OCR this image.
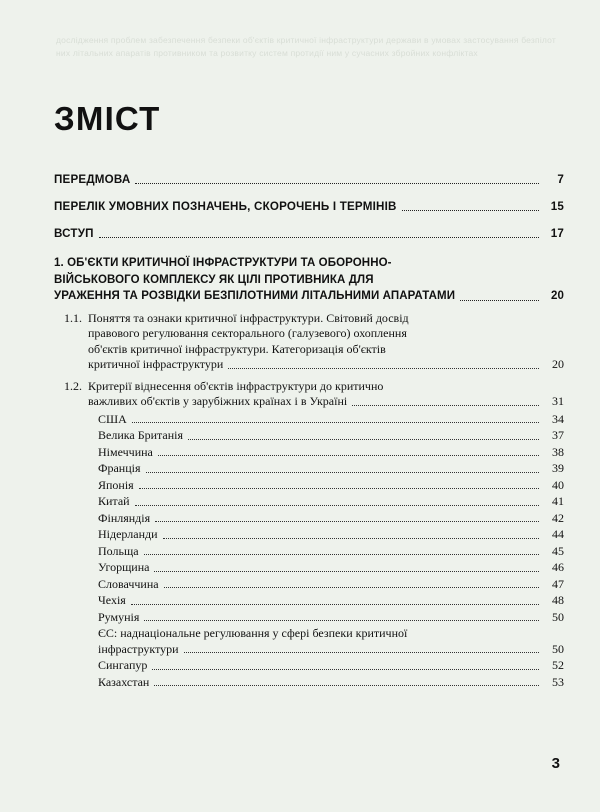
дослідження проблем забезпечення безпеки об'єктів критичної інфраструктури держави в умовах застосування безпілотних літальних апаратів противником та розвитку систем протидії ним у сучасних збройних конфліктах
ЗМІСТ
ПЕРЕДМОВА	7
ПЕРЕЛІК УМОВНИХ ПОЗНАЧЕНЬ, СКОРОЧЕНЬ І ТЕРМІНІВ	15
ВСТУП	17
1. ОБ'ЄКТИ КРИТИЧНОЇ ІНФРАСТРУКТУРИ ТА ОБОРОННО-
ВІЙСЬКОВОГО КОМПЛЕКСУ ЯК ЦІЛІ ПРОТИВНИКА ДЛЯ
УРАЖЕННЯ ТА РОЗВІДКИ БЕЗПІЛОТНИМИ ЛІТАЛЬНИМИ АПАРАТАМИ	20
1.1. Поняття та ознаки критичної інфраструктури. Світовий досвід
правового регулювання секторального (галузевого) охоплення
об'єктів критичної інфраструктури. Категоризація об'єктів
критичної інфраструктури	20
1.2. Критерії віднесення об'єктів інфраструктури до критично
важливих об'єктів у зарубіжних країнах і в Україні	31
США	34
Велика Британія	37
Німеччина	38
Франція	39
Японія	40
Китай	41
Фінляндія	42
Нідерланди	44
Польща	45
Угорщина	46
Словаччина	47
Чехія	48
Румунія	50
ЄС: наднаціональне регулювання у сфері безпеки критичної
інфраструктури	50
Сингапур	52
Казахстан	53
3
